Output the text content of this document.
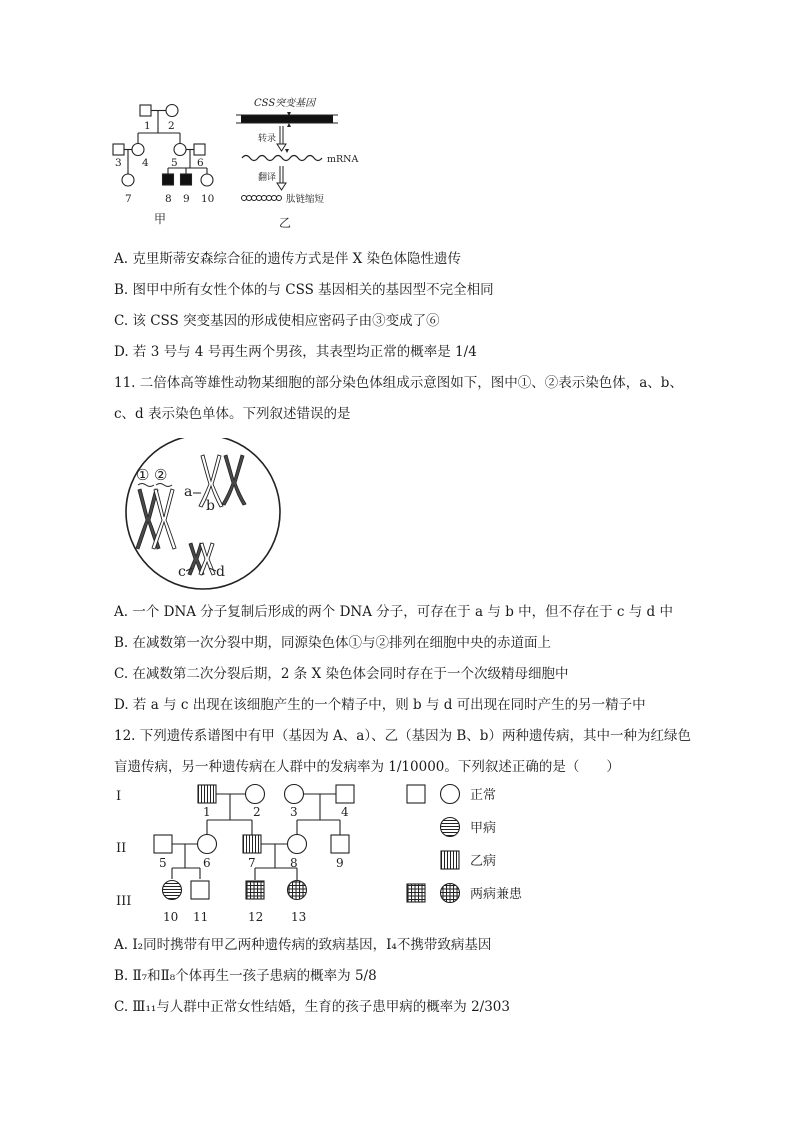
1 2
3 4 5 6
7	8 9 10
甲
CSS突变基因
转录
mRNA
翻译
肽链缩短
乙
A. 克里斯蒂安森综合征的遗传方式是伴 X 染色体隐性遗传
B. 图甲中所有女性个体的与 CSS 基因相关的基因型不完全相同
C. 该 CSS 突变基因的形成使相应密码子由③变成了⑥
D. 若 3 号与 4 号再生两个男孩，其表型均正常的概率是 1/4
11. 二倍体高等雄性动物某细胞的部分染色体组成示意图如下，图中①、②表示染色体，a、b、
c、d 表示染色单体。下列叙述错误的是
① ②
a
b
c d
A. 一个 DNA 分子复制后形成的两个 DNA 分子，可存在于 a 与 b 中，但不存在于 c 与 d 中
B. 在减数第一次分裂中期，同源染色体①与②排列在细胞中央的赤道面上
C. 在减数第二次分裂后期，2 条 X 染色体会同时存在于一个次级精母细胞中
D. 若 a 与 c 出现在该细胞产生的一个精子中，则 b 与 d 可出现在同时产生的另一精子中
12. 下列遗传系谱图中有甲（基因为 A、a）、乙（基因为 B、b）两种遗传病，其中一种为红绿色
盲遗传病，另一种遗传病在人群中的发病率为 1/10000。下列叙述正确的是（　　）
I
II
III
1	2 3	4
5	6	7	8	9
10 11	12 13
正常
甲病
乙病
两病兼患
A. Ⅰ₂同时携带有甲乙两种遗传病的致病基因，Ⅰ₄不携带致病基因
B. Ⅱ₇和Ⅱ₈个体再生一孩子患病的概率为 5/8
C. Ⅲ₁₁与人群中正常女性结婚，生育的孩子患甲病的概率为 2/303
